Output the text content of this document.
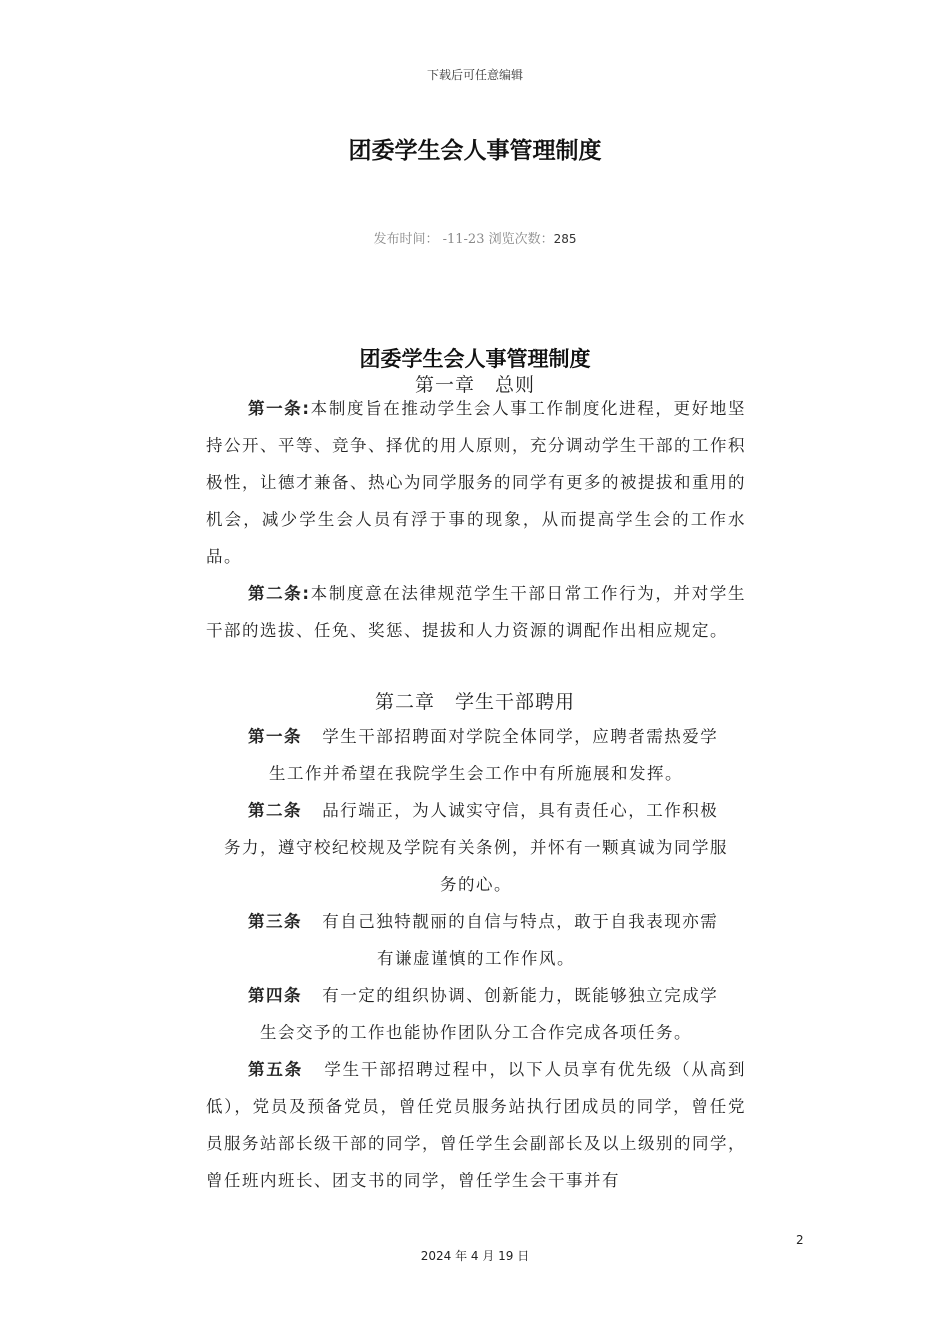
下载后可任意编辑
团委学生会人事管理制度
发布时间： -11-23 浏览次数：285
团委学生会人事管理制度
第一章　总则

第一条:本制度旨在推动学生会人事工作制度化进程，更好地坚持公开、平等、竞争、择优的用人原则，充分调动学生干部的工作积极性，让德才兼备、热心为同学服务的同学有更多的被提拔和重用的机会，减少学生会人员有浮于事的现象，从而提高学生会的工作水品。

第二条:本制度意在法律规范学生干部日常工作行为，并对学生干部的选拔、任免、奖惩、提拔和人力资源的调配作出相应规定。

第二章　学生干部聘用

第一条 学生干部招聘面对学院全体同学，应聘者需热爱学
生工作并希望在我院学生会工作中有所施展和发挥。

第二条 品行端正，为人诚实守信，具有责任心，工作积极
务力，遵守校纪校规及学院有关条例，并怀有一颗真诚为同学服
务的心。

第三条 有自己独特靓丽的自信与特点，敢于自我表现亦需
有谦虚谨慎的工作作风。

第四条 有一定的组织协调、创新能力，既能够独立完成学
生会交予的工作也能协作团队分工合作完成各项任务。

第五条 学生干部招聘过程中，以下人员享有优先级（从高到低），党员及预备党员，曾任党员服务站执行团成员的同学，曾任党员服务站部长级干部的同学，曾任学生会副部长及以上级别的同学，曾任班内班长、团支书的同学，曾任学生会干事并有

2
2024 年 4 月 19 日
